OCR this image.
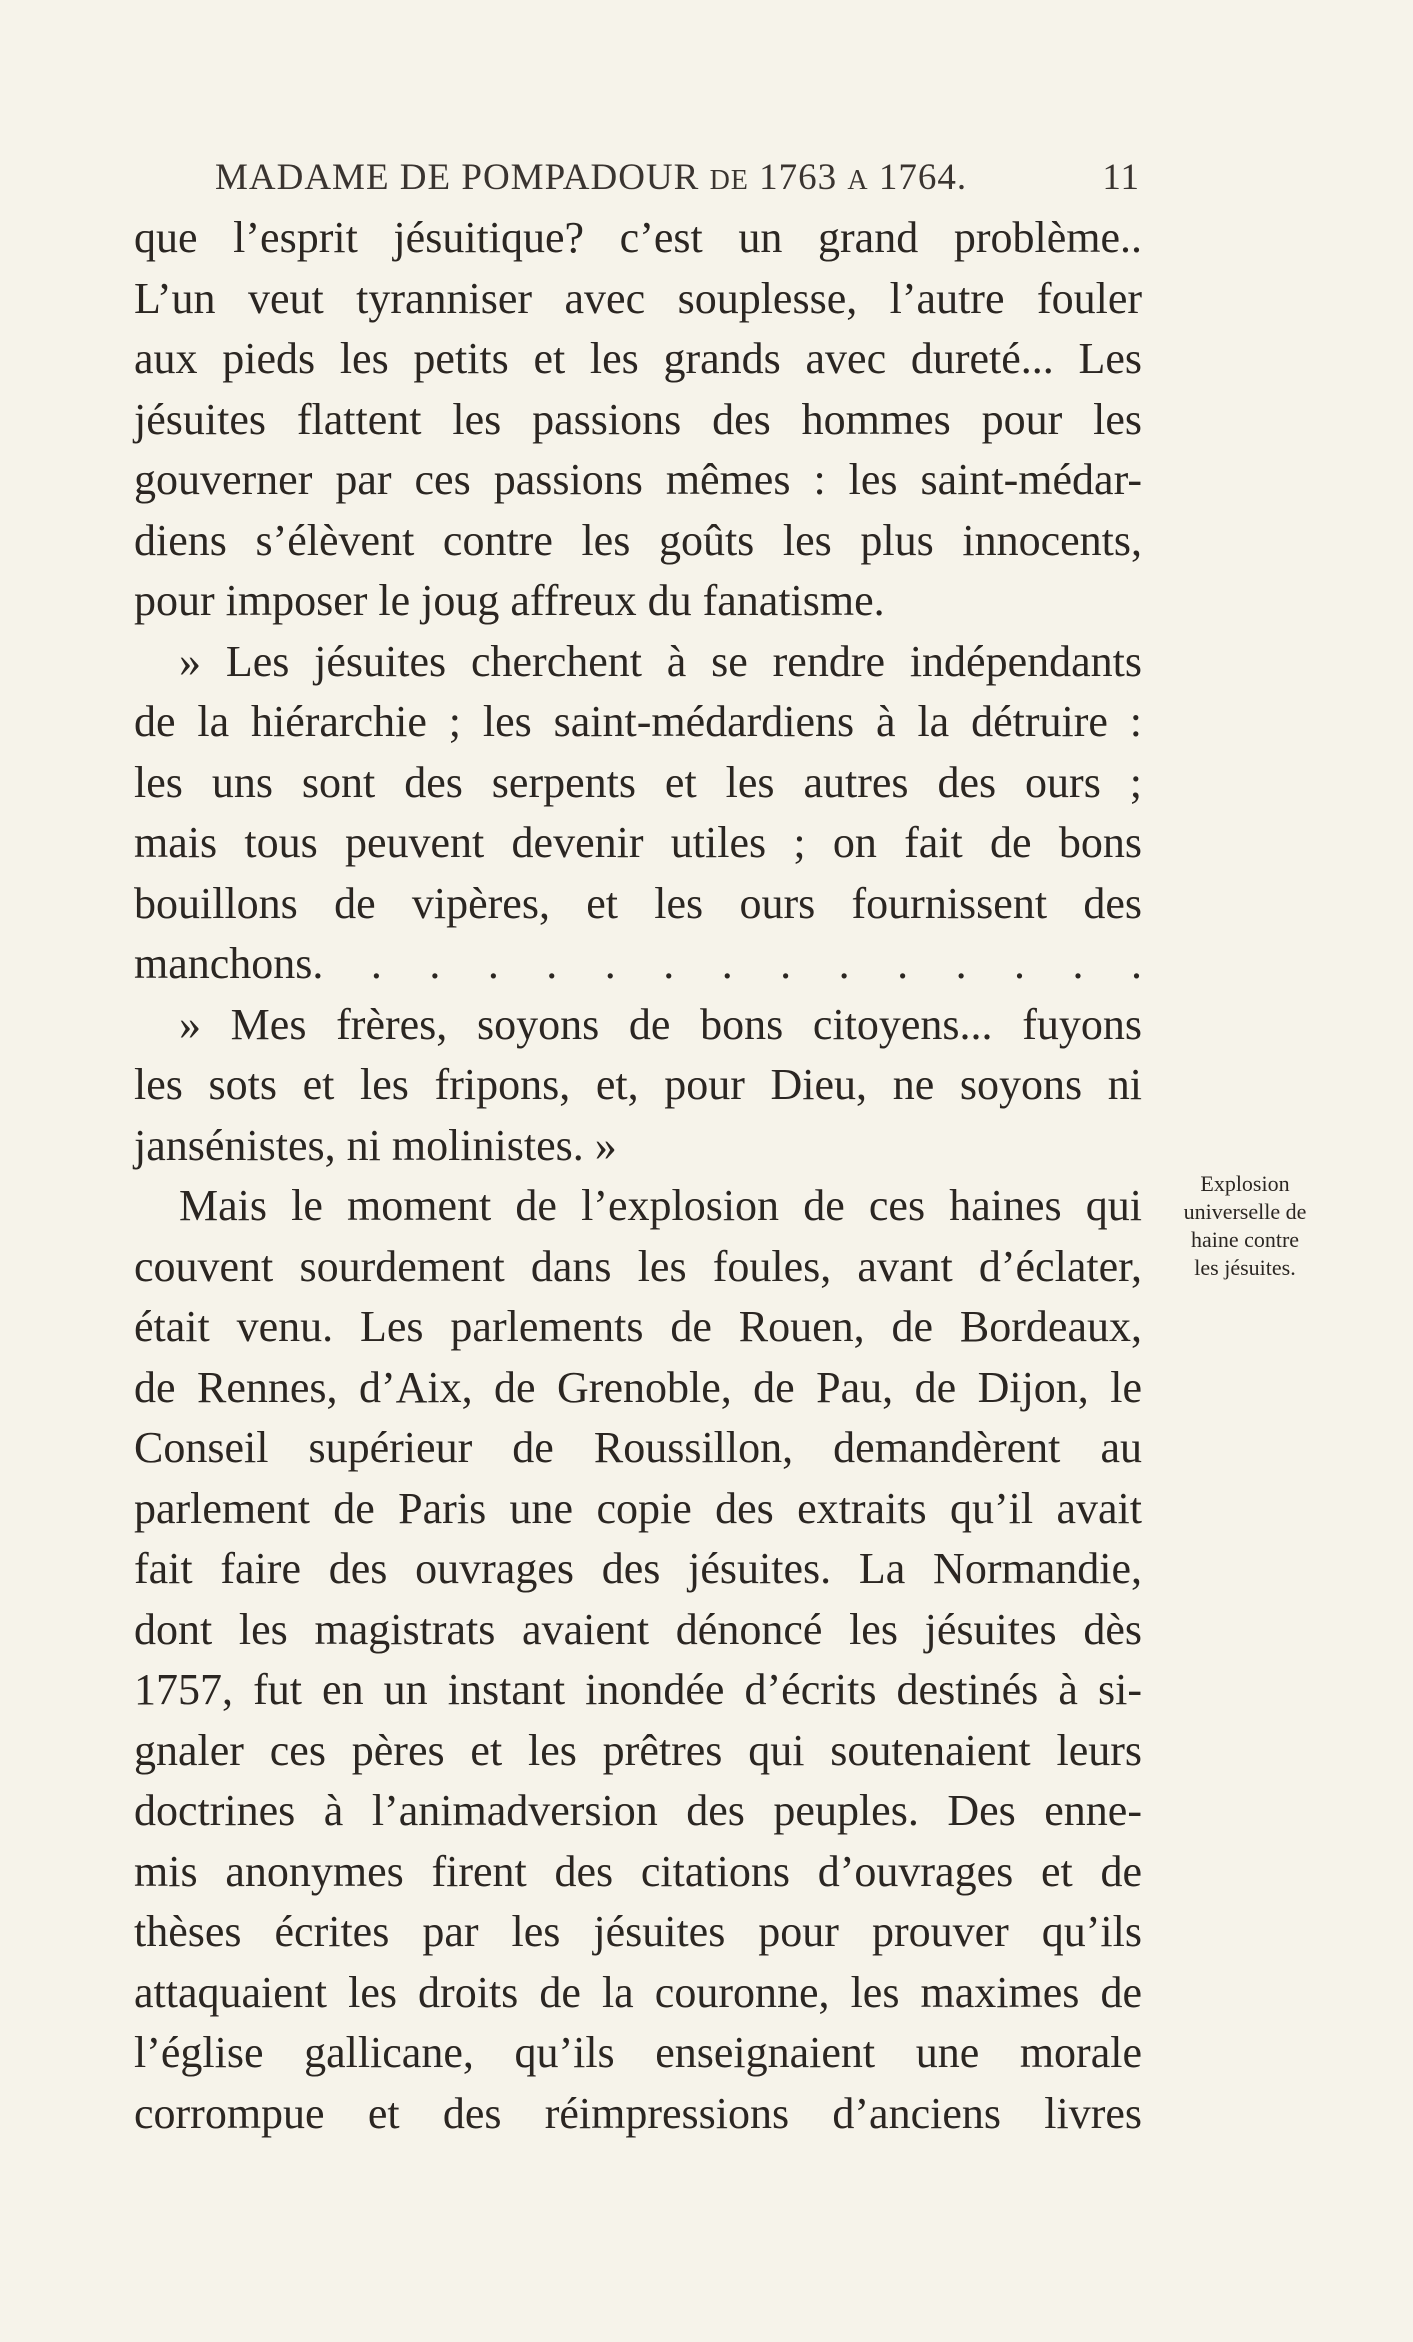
MADAME DE POMPADOUR DE 1763 A 1764.	11
que l’esprit jésuitique? c’est un grand problème..
L’un veut tyranniser avec souplesse, l’autre fouler
aux pieds les petits et les grands avec dureté... Les
jésuites flattent les passions des hommes pour les
gouverner par ces passions mêmes : les saint-médar-
diens s’élèvent contre les goûts les plus innocents,
pour imposer le joug affreux du fanatisme.
» Les jésuites cherchent à se rendre indépendants
de la hiérarchie ; les saint-médardiens à la détruire :
les uns sont des serpents et les autres des ours ;
mais tous peuvent devenir utiles ; on fait de bons
bouillons de vipères, et les ours fournissent des
manchons. . . . . . . . . . . . . . .
» Mes frères, soyons de bons citoyens... fuyons
les sots et les fripons, et, pour Dieu, ne soyons ni
jansénistes, ni molinistes. »
Mais le moment de l’explosion de ces haines qui
couvent sourdement dans les foules, avant d’éclater,
était venu. Les parlements de Rouen, de Bordeaux,
de Rennes, d’Aix, de Grenoble, de Pau, de Dijon, le
Conseil supérieur de Roussillon, demandèrent au
parlement de Paris une copie des extraits qu’il avait
fait faire des ouvrages des jésuites. La Normandie,
dont les magistrats avaient dénoncé les jésuites dès
1757, fut en un instant inondée d’écrits destinés à si-
gnaler ces pères et les prêtres qui soutenaient leurs
doctrines à l’animadversion des peuples. Des enne-
mis anonymes firent des citations d’ouvrages et de
thèses écrites par les jésuites pour prouver qu’ils
attaquaient les droits de la couronne, les maximes de
l’église gallicane, qu’ils enseignaient une morale
corrompue et des réimpressions d’anciens livres
Explosion
universelle de
haine contre
les jésuites.
